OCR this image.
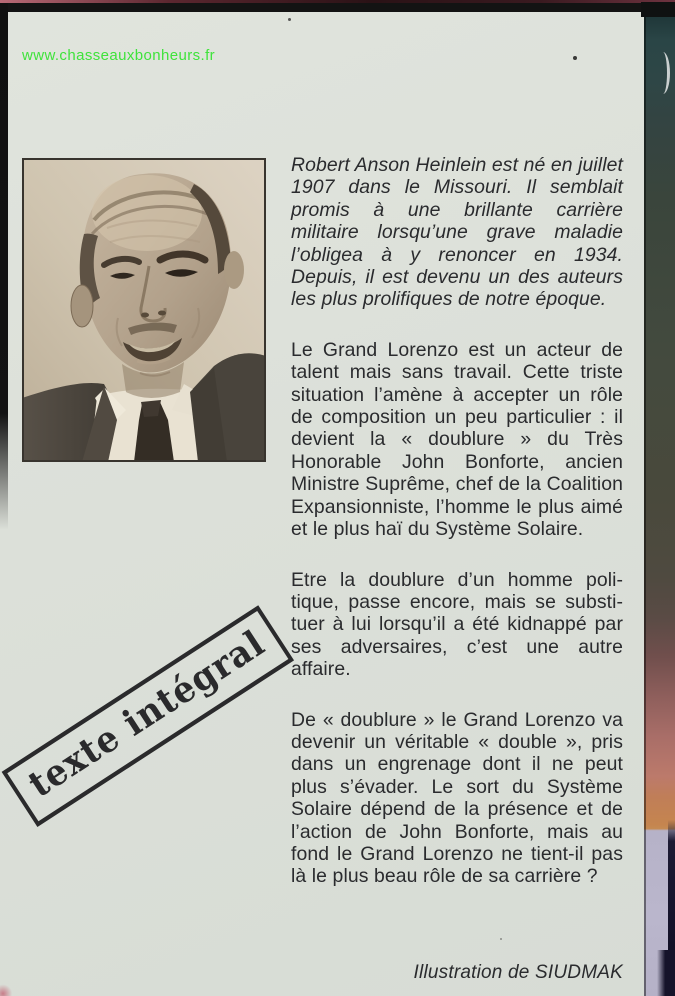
www.chasseauxbonheurs.fr

Robert Anson Heinlein est né en juillet 1907 dans le Missouri. Il semblait promis à une brillante carrière militaire lorsqu’une grave maladie l’obligea à y renoncer en 1934. Depuis, il est devenu un des auteurs les plus prolifiques de notre époque.

Le Grand Lorenzo est un acteur de talent mais sans travail. Cette triste situation l’amène à accepter un rôle de composition un peu particulier : il devient la « doublure » du Très Honorable John Bonforte, ancien Ministre Suprême, chef de la Coalition Expansionniste, l’homme le plus aimé et le plus haï du Système Solaire.

Etre la doublure d’un homme politique, passe encore, mais se substituer à lui lorsqu’il a été kidnappé par ses adversaires, c’est une autre affaire.

De « doublure » le Grand Lorenzo va devenir un véritable « double », pris dans un engrenage dont il ne peut plus s’évader. Le sort du Système Solaire dépend de la présence et de l’action de John Bonforte, mais au fond le Grand Lorenzo ne tient-il pas là le plus beau rôle de sa carrière ?

texte intégral
Illustration de SIUDMAK
